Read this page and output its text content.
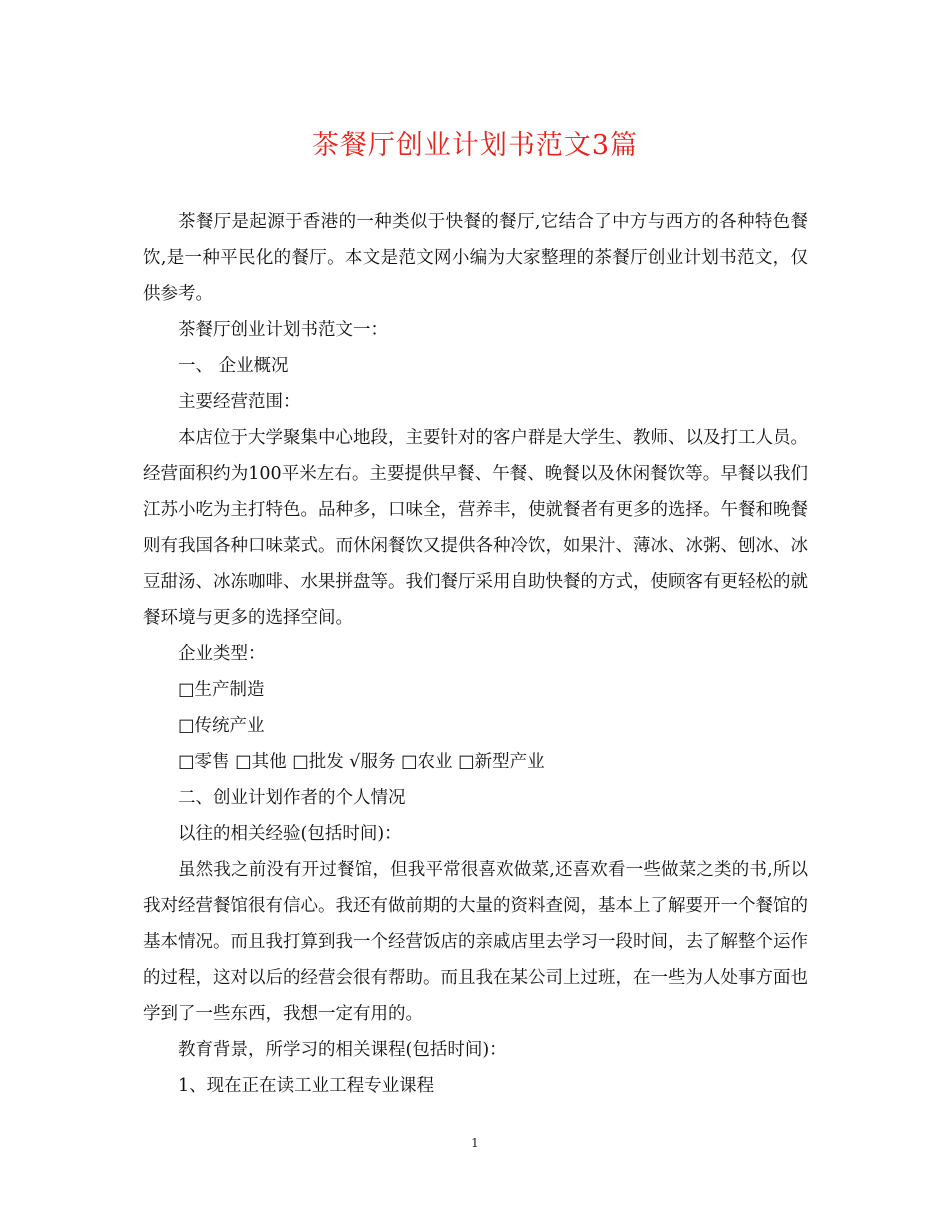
茶餐厅创业计划书范文3篇

茶餐厅是起源于香港的一种类似于快餐的餐厅,它结合了中方与西方的各种特色餐饮,是一种平民化的餐厅。本文是范文网小编为大家整理的茶餐厅创业计划书范文，仅供参考。

茶餐厅创业计划书范文一：

一、 企业概况

主要经营范围：

本店位于大学聚集中心地段，主要针对的客户群是大学生、教师、以及打工人员。经营面积约为100平米左右。主要提供早餐、午餐、晚餐以及休闲餐饮等。早餐以我们江苏小吃为主打特色。品种多，口味全，营养丰，使就餐者有更多的选择。午餐和晚餐则有我国各种口味菜式。而休闲餐饮又提供各种冷饮，如果汁、薄冰、冰粥、刨冰、冰豆甜汤、冰冻咖啡、水果拼盘等。我们餐厅采用自助快餐的方式，使顾客有更轻松的就餐环境与更多的选择空间。

企业类型：

□生产制造

□传统产业

□零售 □其他 □批发 √服务 □农业 □新型产业

二、创业计划作者的个人情况

以往的相关经验(包括时间)：

虽然我之前没有开过餐馆，但我平常很喜欢做菜,还喜欢看一些做菜之类的书,所以我对经营餐馆很有信心。我还有做前期的大量的资料查阅，基本上了解要开一个餐馆的基本情况。而且我打算到我一个经营饭店的亲戚店里去学习一段时间，去了解整个运作的过程，这对以后的经营会很有帮助。而且我在某公司上过班，在一些为人处事方面也学到了一些东西，我想一定有用的。

教育背景，所学习的相关课程(包括时间)：

1、现在正在读工业工程专业课程

1
